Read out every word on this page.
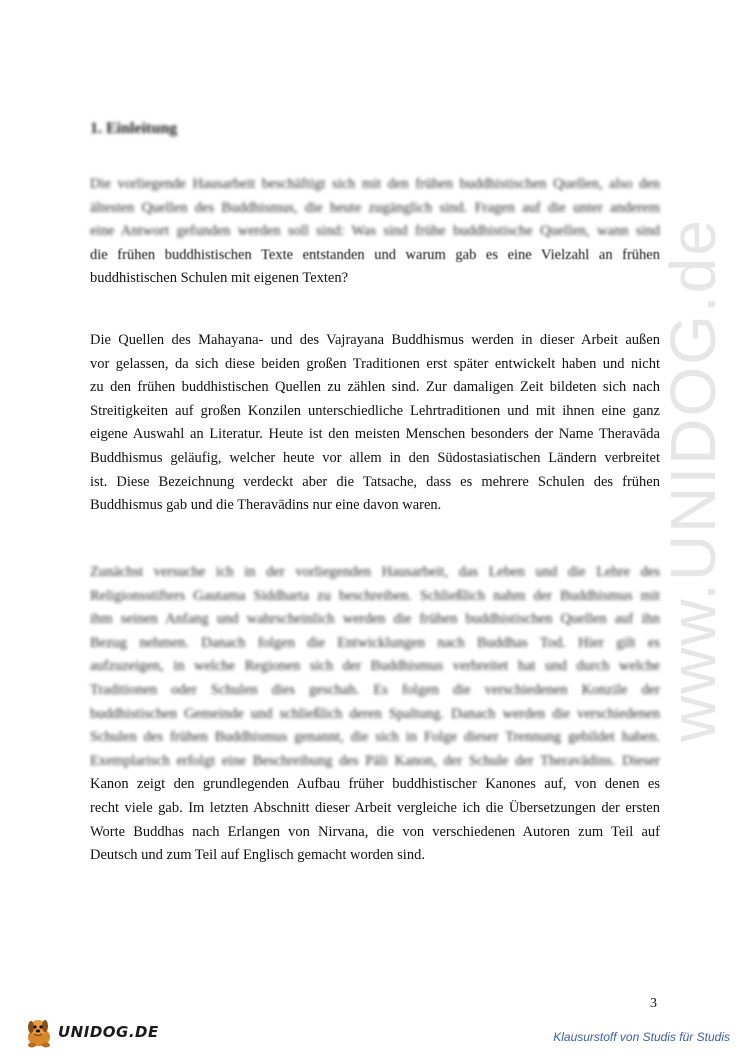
www.UNIDOG.de
1. Einleitung
Die vorliegende Hausarbeit beschäftigt sich mit den frühen buddhistischen Quellen, also den
ältesten Quellen des Buddhismus, die heute zugänglich sind. Fragen auf die unter anderem
eine Antwort gefunden werden soll sind: Was sind frühe buddhistische Quellen, wann sind
die frühen buddhistischen Texte entstanden und warum gab es eine Vielzahl an frühen
buddhistischen Schulen mit eigenen Texten?
Die Quellen des Mahayana- und des Vajrayana Buddhismus werden in dieser Arbeit außen
vor gelassen, da sich diese beiden großen Traditionen erst später entwickelt haben und nicht
zu den frühen buddhistischen Quellen zu zählen sind. Zur damaligen Zeit bildeten sich nach
Streitigkeiten auf großen Konzilen unterschiedliche Lehrtraditionen und mit ihnen eine ganz
eigene Auswahl an Literatur. Heute ist den meisten Menschen besonders der Name Theravāda
Buddhismus geläufig, welcher heute vor allem in den Südostasiatischen Ländern verbreitet
ist. Diese Bezeichnung verdeckt aber die Tatsache, dass es mehrere Schulen des frühen
Buddhismus gab und die Theravādins nur eine davon waren.
Zunächst versuche ich in der vorliegenden Hausarbeit, das Leben und die Lehre des
Religionsstifters Gautama Siddharta zu beschreiben. Schließlich nahm der Buddhismus mit
ihm seinen Anfang und wahrscheinlich werden die frühen buddhistischen Quellen auf ihn
Bezug nehmen. Danach folgen die Entwicklungen nach Buddhas Tod. Hier gilt es
aufzuzeigen, in welche Regionen sich der Buddhismus verbreitet hat und durch welche
Traditionen oder Schulen dies geschah. Es folgen die verschiedenen Konzile der
buddhistischen Gemeinde und schließlich deren Spaltung. Danach werden die verschiedenen
Schulen des frühen Buddhismus genannt, die sich in Folge dieser Trennung gebildet haben.
Exemplarisch erfolgt eine Beschreibung des Pāli Kanon, der Schule der Theravādins. Dieser
Kanon zeigt den grundlegenden Aufbau früher buddhistischer Kanones auf, von denen es
recht viele gab. Im letzten Abschnitt dieser Arbeit vergleiche ich die Übersetzungen der ersten
Worte Buddhas nach Erlangen von Nirvana, die von verschiedenen Autoren zum Teil auf
Deutsch und zum Teil auf Englisch gemacht worden sind.
3
UNIDOG.DE	Klausurstoff von Studis für Studis
